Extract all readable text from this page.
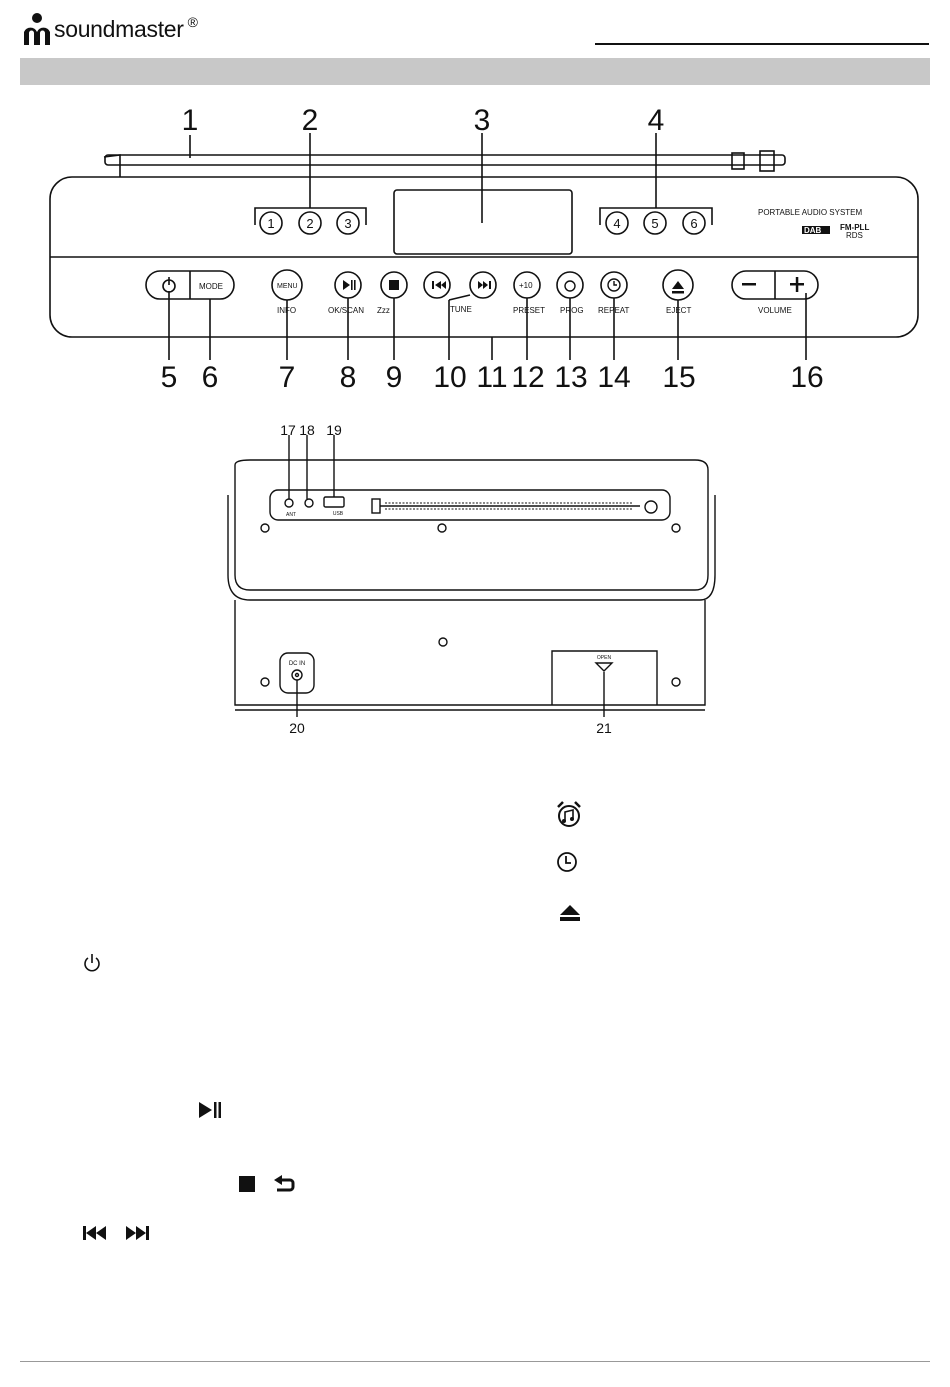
soundmaster ®
1	2	3	4
5 6 7 8 9 10 11 12 13 14 15	16
1 2 3	4 5 6
PORTABLE AUDIO SYSTEM
FM-PLL
RDS
MODE	MENU
INFO	OK/SCAN Zzz	TUNE
+10
PRESET PROG REPEAT	EJECT	VOLUME
DAB
17 18 19
20	21
ANT	USB
DC IN
OPEN
